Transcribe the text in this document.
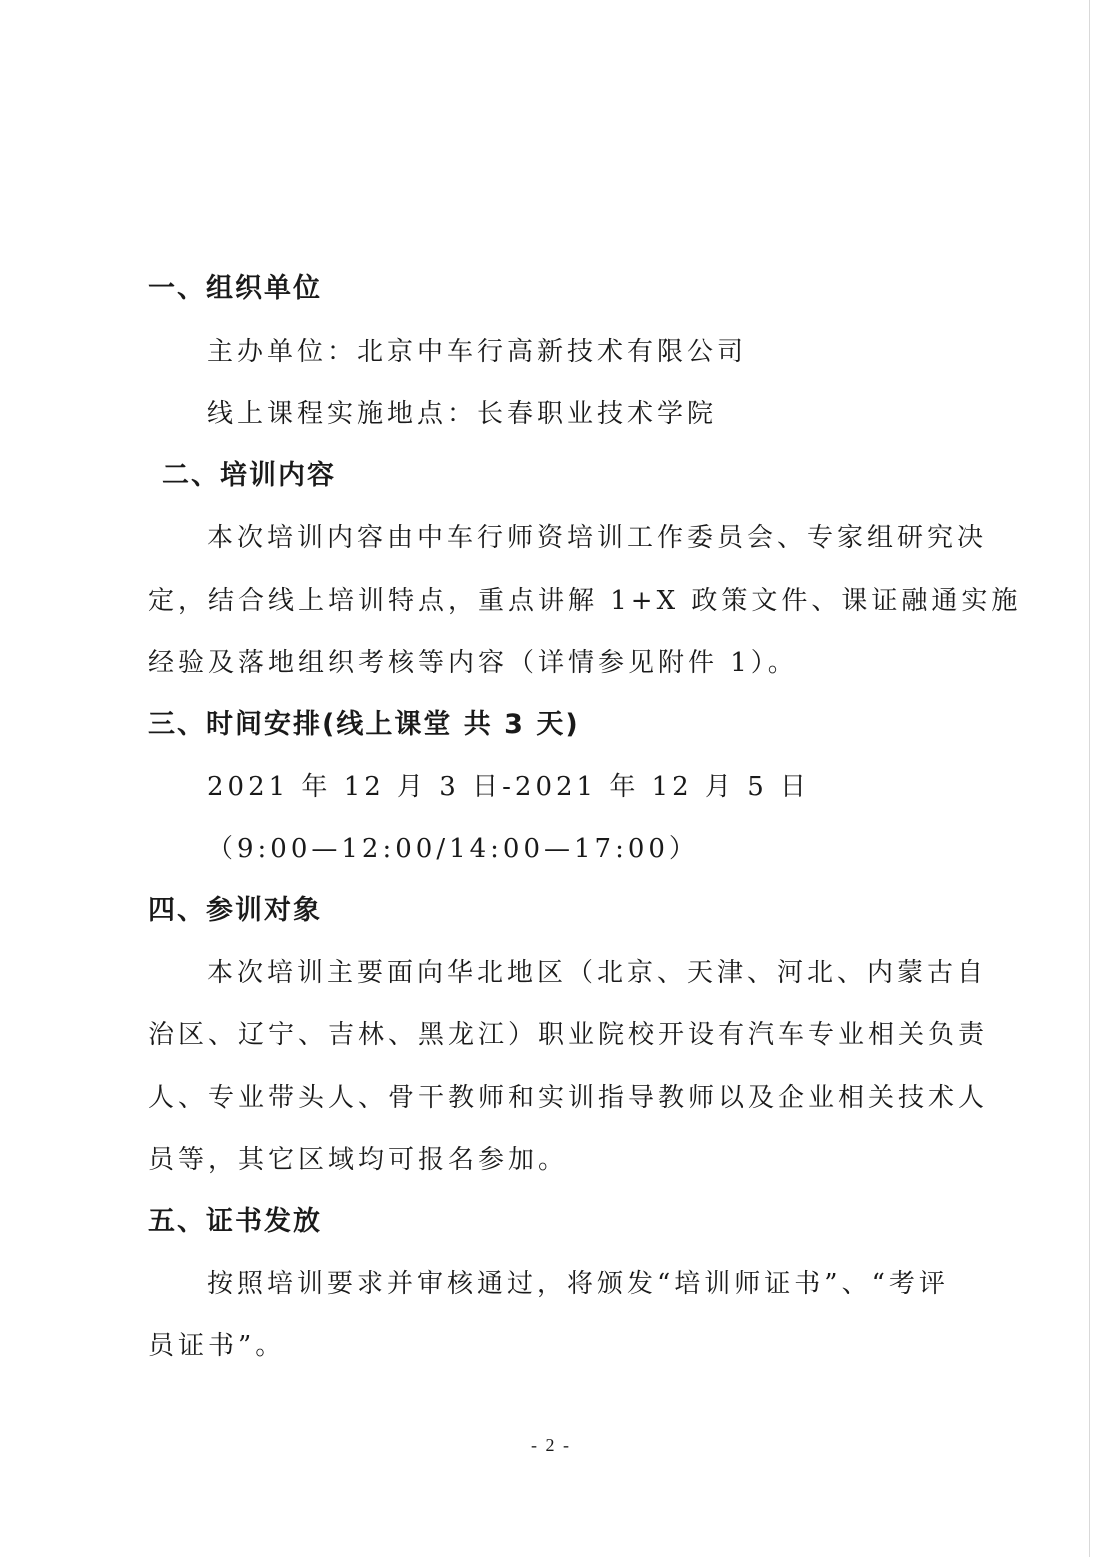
一、组织单位
主办单位：北京中车行高新技术有限公司
线上课程实施地点：长春职业技术学院
二、培训内容
本次培训内容由中车行师资培训工作委员会、专家组研究决
定，结合线上培训特点，重点讲解 1+X 政策文件、课证融通实施
经验及落地组织考核等内容（详情参见附件 1）。
三、时间安排(线上课堂 共 3 天)
2021 年 12 月 3 日-2021 年 12 月 5 日
（9:00—12:00/14:00—17:00）
四、参训对象
本次培训主要面向华北地区（北京、天津、河北、内蒙古自
治区、辽宁、吉林、黑龙江）职业院校开设有汽车专业相关负责
人、专业带头人、骨干教师和实训指导教师以及企业相关技术人
员等，其它区域均可报名参加。
五、证书发放
按照培训要求并审核通过，将颁发“培训师证书”、“考评
员证书”。
- 2 -
